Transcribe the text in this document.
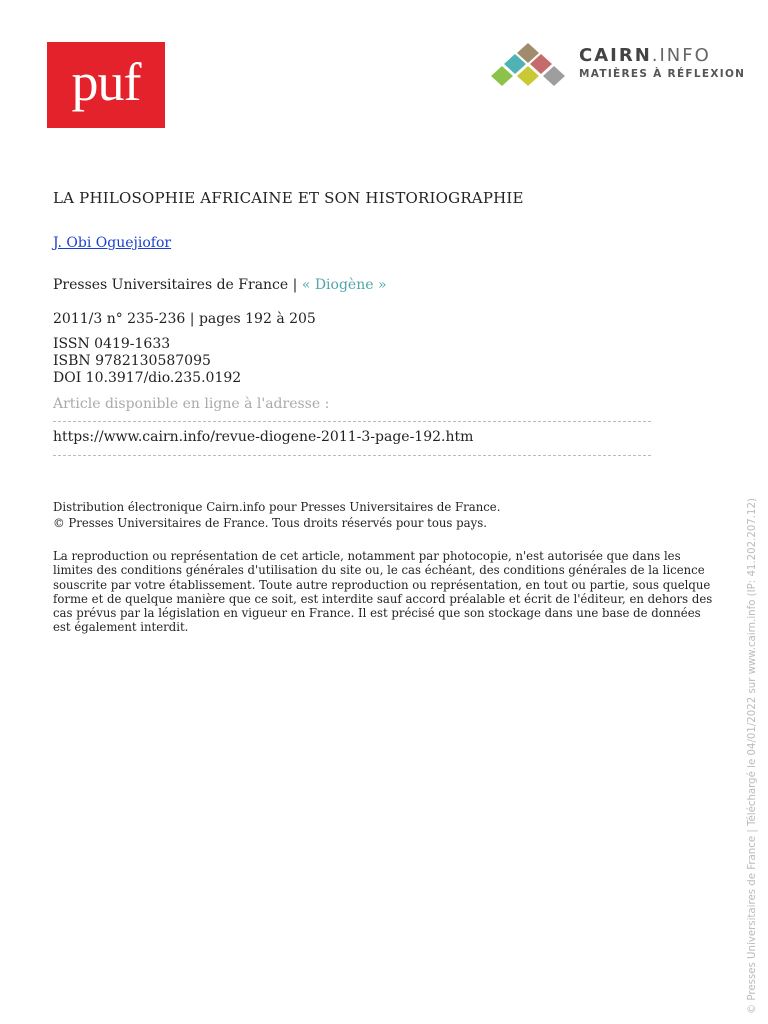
puf	CAIRN.INFO
MATIÈRES À RÉFLEXION
LA PHILOSOPHIE AFRICAINE ET SON HISTORIOGRAPHIE
J. Obi Oguejiofor
Presses Universitaires de France | « Diogène »
2011/3 n° 235-236 | pages 192 à 205
ISSN 0419-1633
ISBN 9782130587095
DOI 10.3917/dio.235.0192
Article disponible en ligne à l'adresse :
https://www.cairn.info/revue-diogene-2011-3-page-192.htm
Distribution électronique Cairn.info pour Presses Universitaires de France.
© Presses Universitaires de France. Tous droits réservés pour tous pays.
La reproduction ou représentation de cet article, notamment par photocopie, n'est autorisée que dans les limites des conditions générales d'utilisation du site ou, le cas échéant, des conditions générales de la licence souscrite par votre établissement. Toute autre reproduction ou représentation, en tout ou partie, sous quelque forme et de quelque manière que ce soit, est interdite sauf accord préalable et écrit de l'éditeur, en dehors des cas prévus par la législation en vigueur en France. Il est précisé que son stockage dans une base de données est également interdit.	© Presses Universitaires de France | Téléchargé le 04/01/2022 sur www.cairn.info (IP: 41.202.207.12)
